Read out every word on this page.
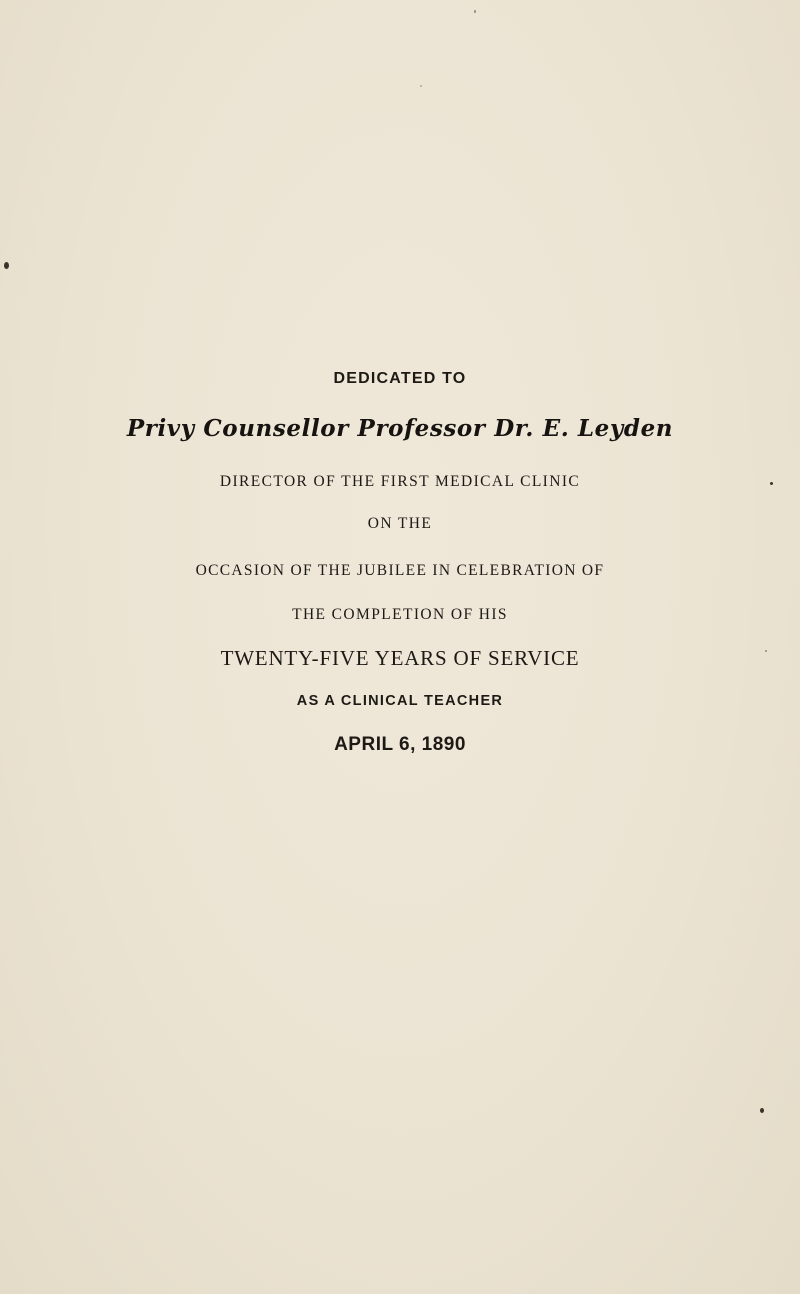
DEDICATED TO
Privy Counsellor Professor Dr. E. Leyden
DIRECTOR OF THE FIRST MEDICAL CLINIC
ON THE
OCCASION OF THE JUBILEE IN CELEBRATION OF
THE COMPLETION OF HIS
TWENTY-FIVE YEARS OF SERVICE
AS A CLINICAL TEACHER
APRIL 6, 1890
